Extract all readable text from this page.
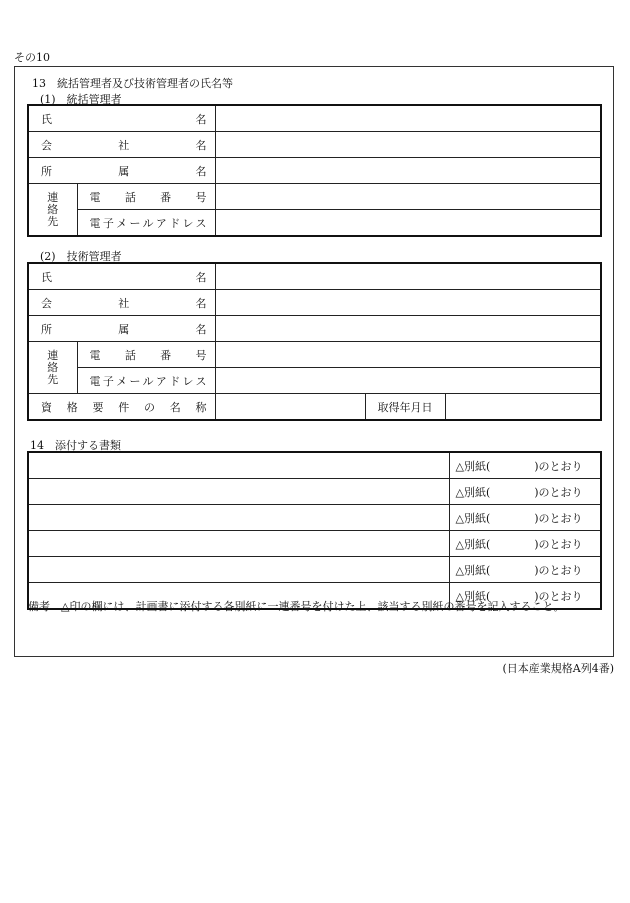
その10
13　統括管理者及び技術管理者の氏名等
(1)　統括管理者
氏名		
会社名		
所属名		

連
絡
先	電話番号	
	電子メールアドレス	
(2)　技術管理者
氏名				
会社名				
所属名				

連
絡
先	電話番号			
	電子メールアドレス			
資格要件の名称			取得年月日	
14　添付する書類
	△別紙(　　　　)のとおり
	△別紙(　　　　)のとおり
	△別紙(　　　　)のとおり
	△別紙(　　　　)のとおり
	△別紙(　　　　)のとおり
	△別紙(　　　　)のとおり
備考　△印の欄には、計画書に添付する各別紙に一連番号を付けた上、該当する別紙の番号を記入すること。
(日本産業規格A列4番)
